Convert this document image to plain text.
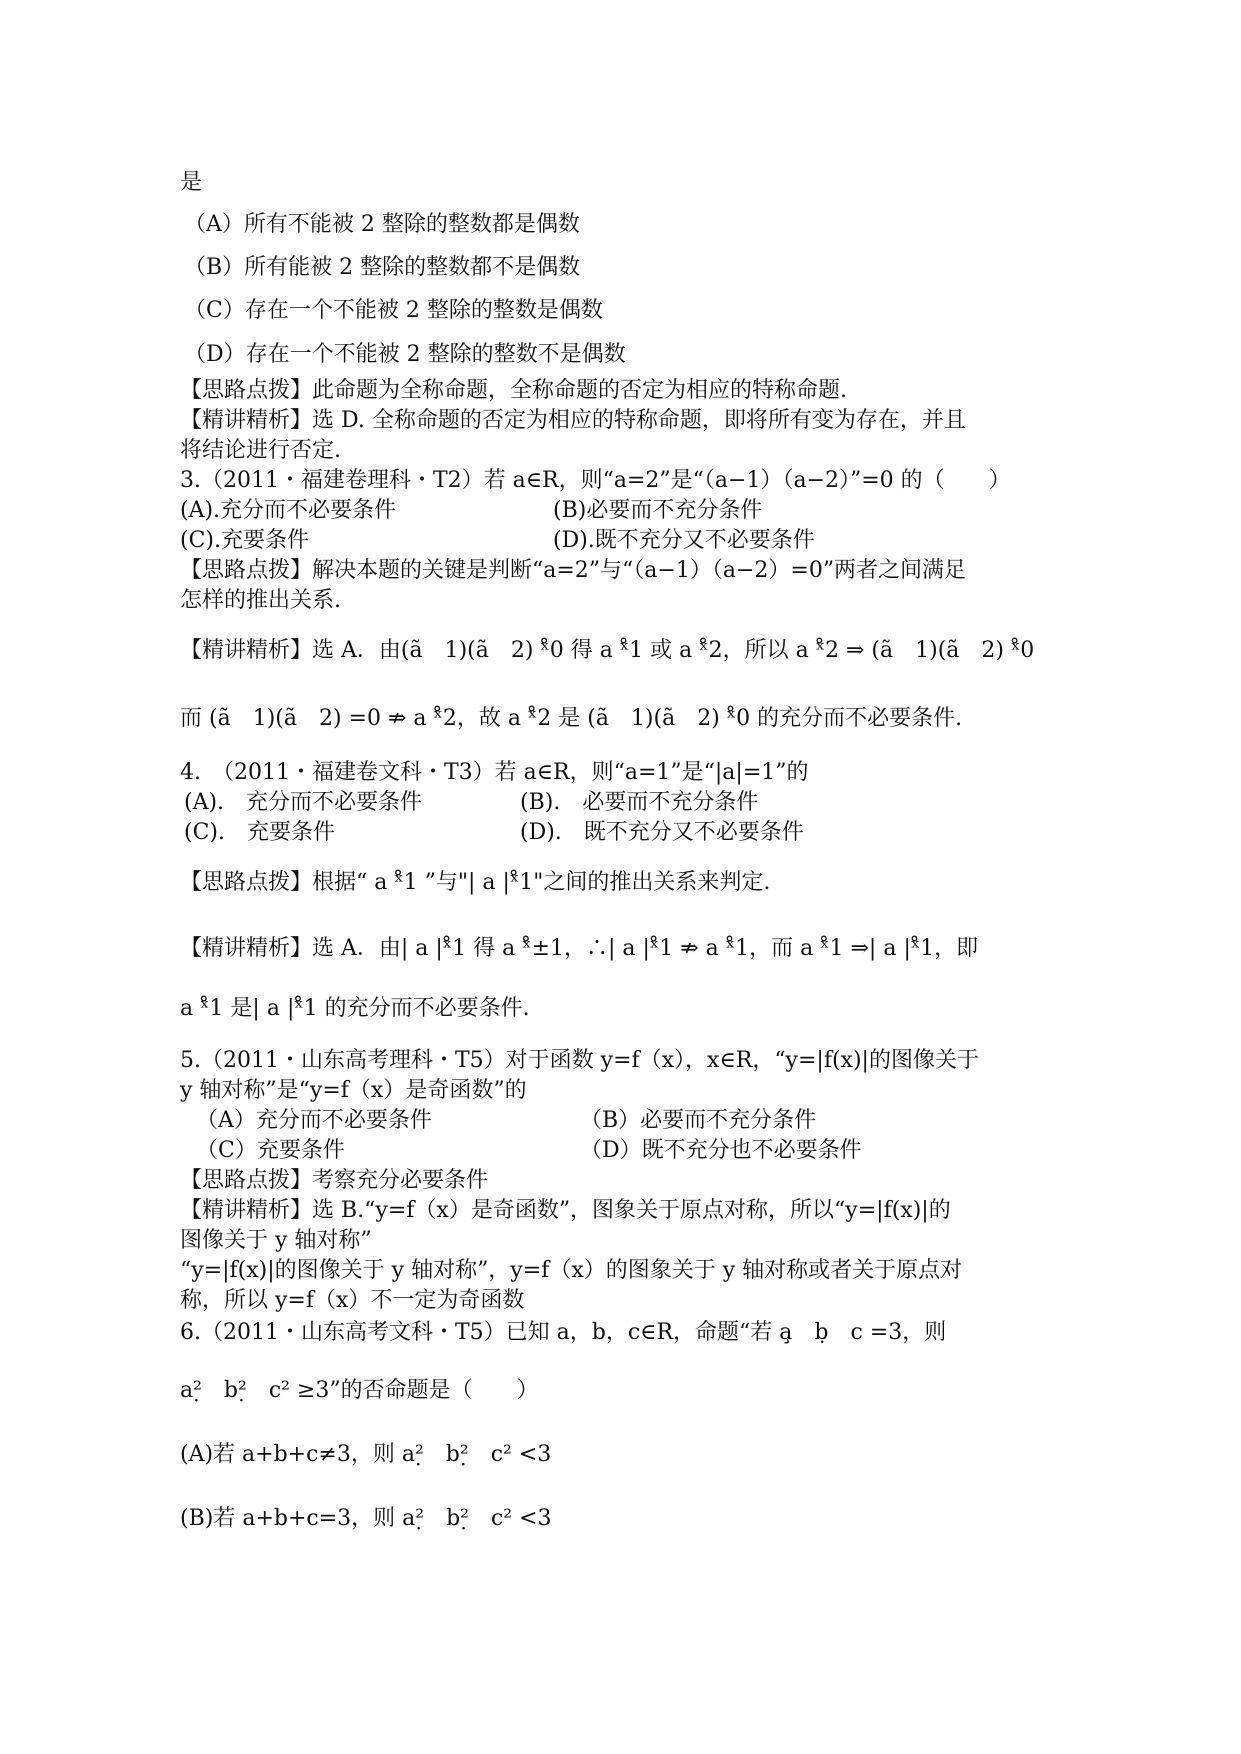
是
（A）所有不能被 2 整除的整数都是偶数
（B）所有能被 2 整除的整数都不是偶数
（C）存在一个不能被 2 整除的整数是偶数
（D）存在一个不能被 2 整除的整数不是偶数
【思路点拨】此命题为全称命题，全称命题的否定为相应的特称命题.
【精讲精析】选 D. 全称命题的否定为相应的特称命题，即将所有变为存在，并且
将结论进行否定.
3.（2011・福建卷理科・T2）若 a∈R，则“a=2”是“（a−1）（a−2）”=0 的（　　）
(A).充分而不必要条件	(B)必要而不充分条件
(C).充要条件	(D).既不充分又不必要条件
【思路点拨】解决本题的关键是判断“a=2”与“（a−1）（a−2）=0”两者之间满足
怎样的推出关系.
【精讲精析】选 A．由(ã　1)(ã　2) ˣ̊0 得 a ˣ̊1 或 a ˣ̊2，所以 a ˣ̊2 ⇒ (ã　1)(ã　2) ˣ̊0
而 (ã　1)(ã　2) =0 ⇏ a ˣ̊2，故 a ˣ̊2 是 (ã　1)(ã　2) ˣ̊0 的充分而不必要条件.
4.　（2011・福建卷文科・T3）若 a∈R，则“a=1”是“|a|=1”的
(A).　充分而不必要条件	(B).　必要而不充分条件
(C).　充要条件	(D).　既不充分又不必要条件
【思路点拨】根据“ a ˣ̊1 ”与"| a |ˣ̊1"之间的推出关系来判定.
【精讲精析】选 A．由| a |ˣ̊1 得 a ˣ̊±1，∴| a |ˣ̊1 ⇏ a ˣ̊1，而 a ˣ̊1 ⇒| a |ˣ̊1，即
a ˣ̊1 是| a |ˣ̊1 的充分而不必要条件.
5.（2011・山东高考理科・T5）对于函数 y=f（x），x∈R，“y=|f(x)|的图像关于
y 轴对称”是“y=f（x）是奇函数”的
（A）充分而不必要条件	（B）必要而不充分条件
（C）充要条件	（D）既不充分也不必要条件
【思路点拨】考察充分必要条件
【精讲精析】选 B.“y=f（x）是奇函数”，图象关于原点对称，所以“y=|f(x)|的
图像关于 y 轴对称”
“y=|f(x)|的图像关于 y 轴对称”，y=f（x）的图象关于 y 轴对称或者关于原点对
称，所以 y=f（x）不一定为奇函数
6.（2011・山东高考文科・T5）已知 a，b，c∈R，命题“若 a̧　ḅ　c =3，则
a²̣　b²̣　c² ≥3”的否命题是（　　）
(A)若 a+b+c≠3，则 a²̣　b²̣　c² <3
(B)若 a+b+c=3，则 a²̣　b²̣　c² <3
